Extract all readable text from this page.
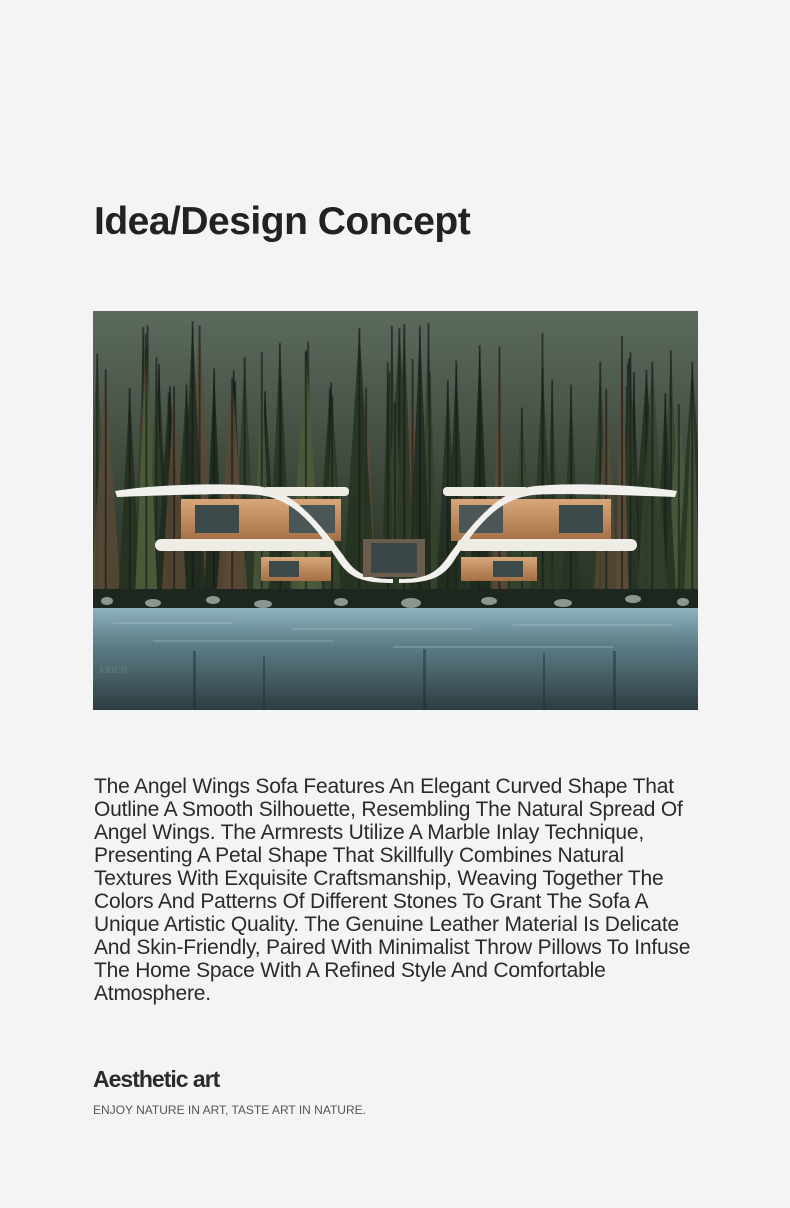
Idea/Design Concept
KRICH

The Angel Wings Sofa Features An Elegant Curved Shape That Outline A Smooth Silhouette, Resembling The Natural Spread Of Angel Wings. The Armrests Utilize A Marble Inlay Technique, Presenting A Petal Shape That Skillfully Combines Natural Textures With Exquisite Craftsmanship, Weaving Together The Colors And Patterns Of Different Stones To Grant The Sofa A Unique Artistic Quality. The Genuine Leather Material Is Delicate And Skin-Friendly, Paired With Minimalist Throw Pillows To Infuse The Home Space With A Refined Style And Comfortable Atmosphere.

Aesthetic art

ENJOY NATURE IN ART, TASTE ART IN NATURE.
